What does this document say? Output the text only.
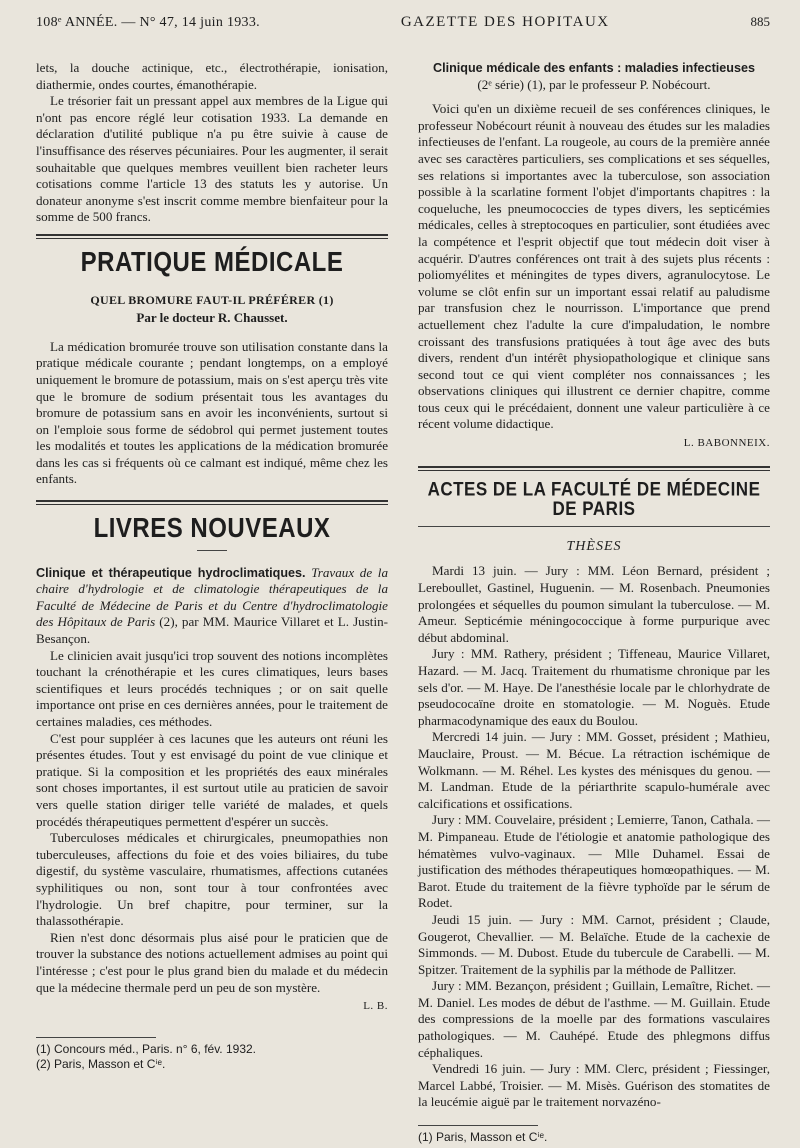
108ᵉ ANNÉE. — N° 47, 14 juin 1933.	GAZETTE DES HOPITAUX	885

lets, la douche actinique, etc., électrothérapie, ionisation, diathermie, ondes courtes, émanothérapie.

Le trésorier fait un pressant appel aux membres de la Ligue qui n'ont pas encore réglé leur cotisation 1933. La demande en déclaration d'utilité publique n'a pu être suivie à cause de l'insuffisance des réserves pécuniaires. Pour les augmenter, il serait souhaitable que quelques membres veuillent bien racheter leurs cotisations comme l'article 13 des statuts les y autorise. Un donateur anonyme s'est inscrit comme membre bienfaiteur pour la somme de 500 francs.

PRATIQUE MÉDICALE
QUEL BROMURE FAUT-IL PRÉFÉRER (1)
Par le docteur R. Chausset.

La médication bromurée trouve son utilisation constante dans la pratique médicale courante ; pendant longtemps, on a employé uniquement le bromure de potassium, mais on s'est aperçu très vite que le bromure de sodium présentait tous les avantages du bromure de potassium sans en avoir les inconvénients, surtout si on l'emploie sous forme de sédobrol qui permet justement toutes les modalités et toutes les applications de la médication bromurée dans les cas si fréquents où ce calmant est indiqué, même chez les enfants.

LIVRES NOUVEAUX

Clinique et thérapeutique hydroclimatiques. Travaux de la chaire d'hydrologie et de climatologie thérapeutiques de la Faculté de Médecine de Paris et du Centre d'hydroclimatologie des Hôpitaux de Paris (2), par MM. Maurice Villaret et L. Justin-Besançon.

Le clinicien avait jusqu'ici trop souvent des notions incomplètes touchant la crénothérapie et les cures climatiques, leurs bases scientifiques et leurs procédés techniques ; or on sait quelle importance ont prise en ces dernières années, pour le traitement de certaines maladies, ces méthodes.

C'est pour suppléer à ces lacunes que les auteurs ont réuni les présentes études. Tout y est envisagé du point de vue clinique et pratique. Si la composition et les propriétés des eaux minérales sont choses importantes, il est surtout utile au praticien de savoir vers quelle station diriger telle variété de malades, et quels procédés thérapeutiques permettent d'espérer un succès.

Tuberculoses médicales et chirurgicales, pneumopathies non tuberculeuses, affections du foie et des voies biliaires, du tube digestif, du système vasculaire, rhumatismes, affections cutanées syphilitiques ou non, sont tour à tour confrontées avec l'hydrologie. Un bref chapitre, pour terminer, sur la thalassothérapie.

Rien n'est donc désormais plus aisé pour le praticien que de trouver la substance des notions actuellement admises au point qui l'intéresse ; c'est pour le plus grand bien du malade et du médecin que la médecine thermale perd un peu de son mystère.

L. B.
(1) Concours méd., Paris. n° 6, fév. 1932.
(2) Paris, Masson et Cⁱᵉ.
Clinique médicale des enfants : maladies infectieuses
(2ᵉ série) (1), par le professeur P. Nobécourt.

Voici qu'en un dixième recueil de ses conférences cliniques, le professeur Nobécourt réunit à nouveau des études sur les maladies infectieuses de l'enfant. La rougeole, au cours de la première année avec ses caractères particuliers, ses complications et ses séquelles, ses relations si importantes avec la tuberculose, son association possible à la scarlatine forment l'objet d'importants chapitres : la coqueluche, les pneumococcies de types divers, les septicémies médicales, celles à streptocoques en particulier, sont étudiées avec la compétence et l'esprit objectif que tout médecin doit viser à acquérir. D'autres conférences ont trait à des sujets plus récents : poliomyélites et méningites de types divers, agranulocytose. Le volume se clôt enfin sur un important essai relatif au paludisme par transfusion chez le nourrisson. L'importance que prend actuellement chez l'adulte la cure d'impaludation, le nombre croissant des transfusions pratiquées à tout âge avec des buts divers, rendent d'un intérêt physiopathologique et clinique sans second tout ce qui vient compléter nos connaissances ; les observations cliniques qui illustrent ce dernier chapitre, comme tous ceux qui le précédaient, donnent une valeur particulière à ce récent volume didactique.

L. BABONNEIX.
ACTES DE LA FACULTÉ DE MÉDECINE DE PARIS
THÈSES

Mardi 13 juin. — Jury : MM. Léon Bernard, président ; Lereboullet, Gastinel, Huguenin. — M. Rosenbach. Pneumonies prolongées et séquelles du poumon simulant la tuberculose. — M. Ameur. Septicémie méningococcique à forme purpurique avec début abdominal.

Jury : MM. Rathery, président ; Tiffeneau, Maurice Villaret, Hazard. — M. Jacq. Traitement du rhumatisme chronique par les sels d'or. — M. Haye. De l'anesthésie locale par le chlorhydrate de pseudococaïne droite en stomatologie. — M. Noguès. Etude pharmacodynamique des eaux du Boulou.

Mercredi 14 juin. — Jury : MM. Gosset, président ; Mathieu, Mauclaire, Proust. — M. Bécue. La rétraction ischémique de Wolkmann. — M. Réhel. Les kystes des ménisques du genou. — M. Landman. Etude de la périarthrite scapulo-humérale avec calcifications et ossifications.

Jury : MM. Couvelaire, président ; Lemierre, Tanon, Cathala. — M. Pimpaneau. Etude de l'étiologie et anatomie pathologique des hématèmes vulvo-vaginaux. — Mlle Duhamel. Essai de justification des méthodes thérapeutiques homœopathiques. — M. Barot. Etude du traitement de la fièvre typhoïde par le sérum de Rodet.

Jeudi 15 juin. — Jury : MM. Carnot, président ; Claude, Gougerot, Chevallier. — M. Belaïche. Etude de la cachexie de Simmonds. — M. Dubost. Etude du tubercule de Carabelli. — M. Spitzer. Traitement de la syphilis par la méthode de Pallitzer.

Jury : MM. Bezançon, président ; Guillain, Lemaître, Richet. — M. Daniel. Les modes de début de l'asthme. — M. Guillain. Etude des compressions de la moelle par des formations vasculaires pathologiques. — M. Cauhépé. Etude des phlegmons diffus céphaliques.

Vendredi 16 juin. — Jury : MM. Clerc, président ; Fiessinger, Marcel Labbé, Troisier. — M. Misès. Guérison des stomatites de la leucémie aiguë par le traitement norvazéno-

(1) Paris, Masson et Cⁱᵉ.
